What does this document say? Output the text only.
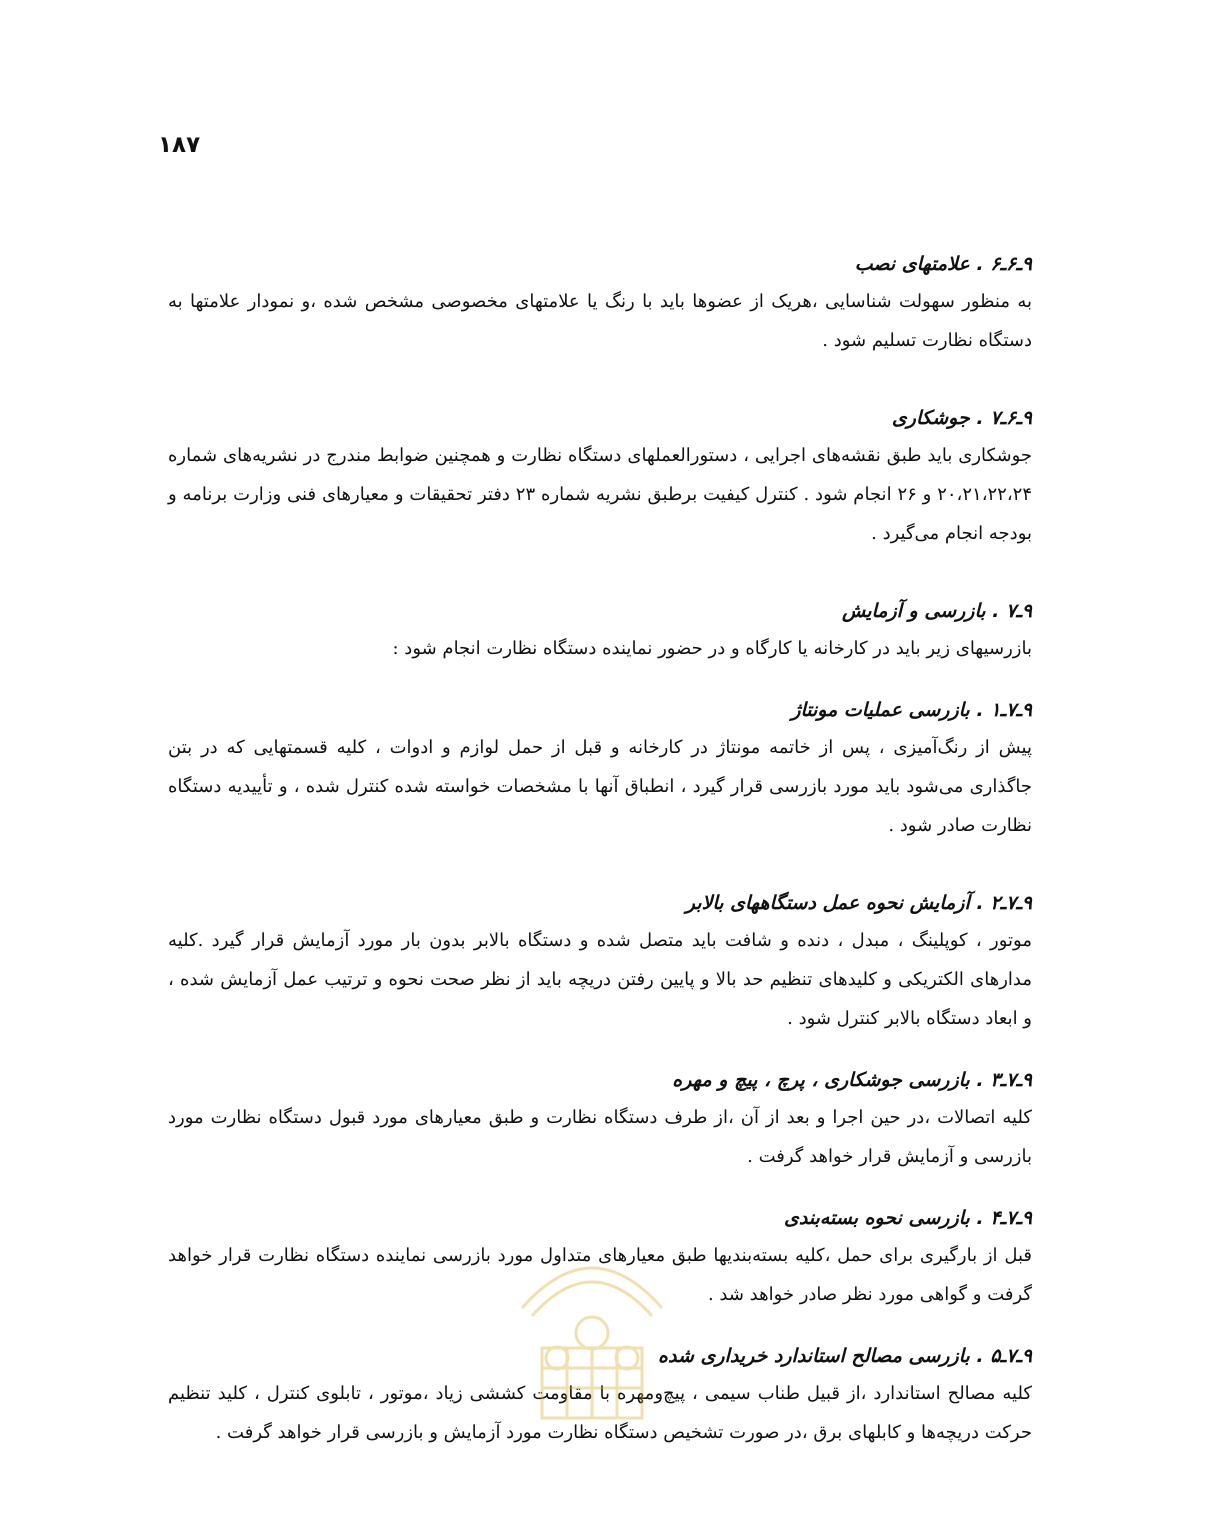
۱۸۷

۹ـ۶ـ۶ . علامتهای نصب

به منظور سهولت شناسایی ،هریک از عضوها باید با رنگ یا علامتهای مخصوصی مشخص شده ،و نمودار علامتها به دستگاه نظارت تسلیم شود .

۹ـ۶ـ۷ . جوشکاری

جوشکاری باید طبق نقشه‌های اجرایی ، دستورالعملهای دستگاه نظارت و همچنین ضوابط مندرج در نشریه‌های شماره ۲۰،۲۱،۲۲،۲۴ و ۲۶ انجام شود . کنترل کیفیت برطبق نشریه شماره ۲۳ دفتر تحقیقات و معیارهای فنی وزارت برنامه و بودجه انجام می‌گیرد .

۹ـ۷ . بازرسی و آزمایش

بازرسیهای زیر باید در کارخانه یا کارگاه و در حضور نماینده دستگاه نظارت انجام شود :

۹ـ۷ـ۱ . بازرسی عملیات مونتاژ

پیش از رنگ‌آمیزی ، پس از خاتمه مونتاژ در کارخانه و قبل از حمل لوازم و ادوات ، کلیه قسمتهایی که در بتن جاگذاری می‌شود باید مورد بازرسی قرار گیرد ، انطباق آنها با مشخصات خواسته شده کنترل شده ، و تأییدیه دستگاه نظارت صادر شود .

۹ـ۷ـ۲ . آزمایش نحوه عمل دستگاههای بالابر

موتور ، کوپلینگ ، مبدل ، دنده و شافت باید متصل شده و دستگاه بالابر بدون بار مورد آزمایش قرار گیرد .کلیه مدارهای الکتریکی و کلیدهای تنظیم حد بالا و پایین رفتن دریچه باید از نظر صحت نحوه و ترتیب عمل آزمایش شده ، و ابعاد دستگاه بالابر کنترل شود .

۹ـ۷ـ۳ . بازرسی جوشکاری ، پرچ ، پیچ و مهره

کلیه اتصالات ،در حین اجرا و بعد از آن ،از طرف دستگاه نظارت و طبق معیارهای مورد قبول دستگاه نظارت مورد بازرسی و آزمایش قرار خواهد گرفت .

۹ـ۷ـ۴ . بازرسی نحوه بسته‌بندی

قبل از بارگیری برای حمل ،کلیه بسته‌بندیها طبق معیارهای متداول مورد بازرسی نماینده دستگاه نظارت قرار خواهد گرفت و گواهی مورد نظر صادر خواهد شد .

۹ـ۷ـ۵ . بازرسی مصالح استاندارد خریداری شده

کلیه مصالح استاندارد ،از قبیل طناب سیمی ، پیچ‌ومهره با مقاومت کششی زیاد ،موتور ، تابلوی کنترل ، کلید تنظیم حرکت دریچه‌ها و کابلهای برق ،در صورت تشخیص دستگاه نظارت مورد آزمایش و بازرسی قرار خواهد گرفت .
